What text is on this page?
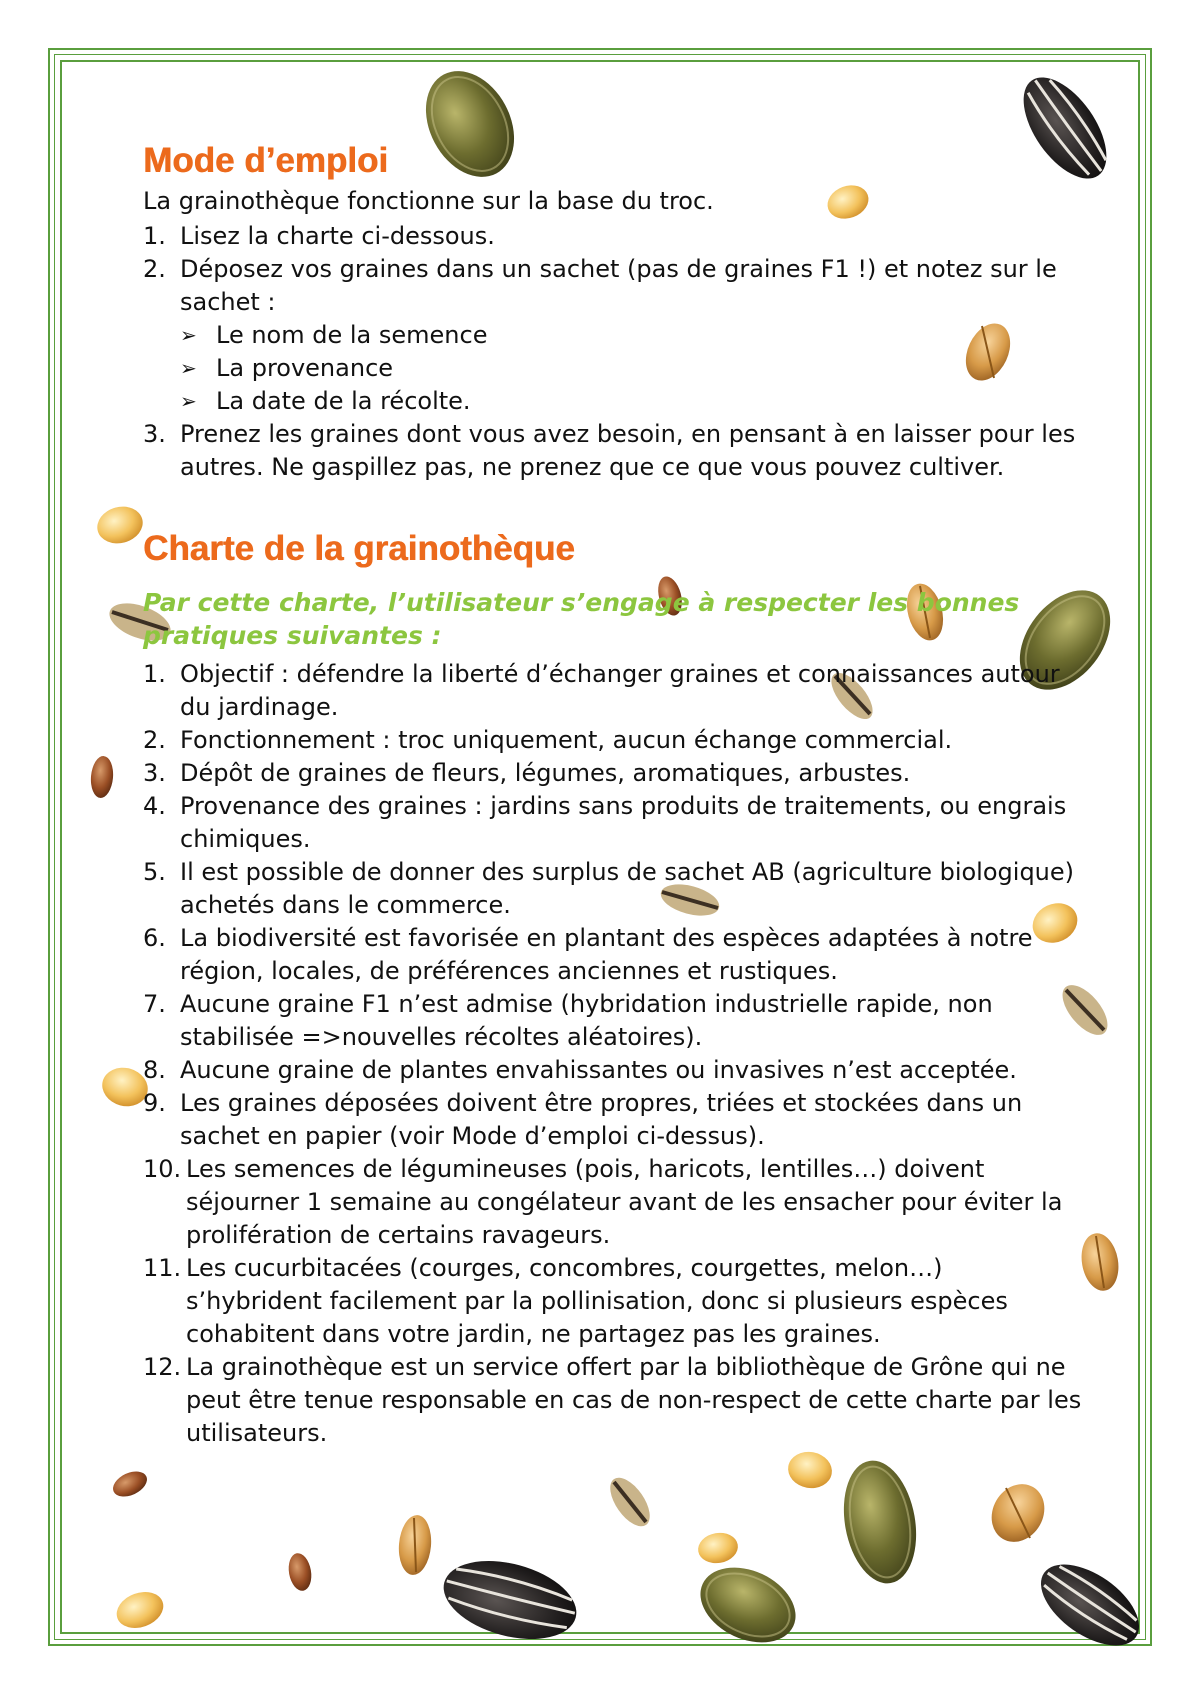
Mode d’emploi

La grainothèque fonctionne sur la base du troc.

1. Lisez la charte ci-dessous.
2. Déposez vos graines dans un sachet (pas de graines F1 !) et notez sur le sachet :
➢ Le nom de la semence
➢ La provenance
➢ La date de la récolte.
3. Prenez les graines dont vous avez besoin, en pensant à en laisser pour les autres. Ne gaspillez pas, ne prenez que ce que vous pouvez cultiver.
Charte de la grainothèque

Par cette charte, l’utilisateur s’engage à respecter les bonnes pratiques suivantes :

1. Objectif : défendre la liberté d’échanger graines et connaissances autour du jardinage.
2. Fonctionnement : troc uniquement, aucun échange commercial.
3. Dépôt de graines de fleurs, légumes, aromatiques, arbustes.
4. Provenance des graines : jardins sans produits de traitements, ou engrais chimiques.
5. Il est possible de donner des surplus de sachet AB (agriculture biologique) achetés dans le commerce.
6. La biodiversité est favorisée en plantant des espèces adaptées à notre région, locales, de préférences anciennes et rustiques.
7. Aucune graine F1 n’est admise (hybridation industrielle rapide, non stabilisée =>nouvelles récoltes aléatoires).
8. Aucune graine de plantes envahissantes ou invasives n’est acceptée.
9. Les graines déposées doivent être propres, triées et stockées dans un sachet en papier (voir Mode d’emploi ci-dessus).
10. Les semences de légumineuses (pois, haricots, lentilles…) doivent séjourner 1 semaine au congélateur avant de les ensacher pour éviter la prolifération de certains ravageurs.
11. Les cucurbitacées (courges, concombres, courgettes, melon…) s’hybrident facilement par la pollinisation, donc si plusieurs espèces cohabitent dans votre jardin, ne partagez pas les graines.
12. La grainothèque est un service offert par la bibliothèque de Grône qui ne peut être tenue responsable en cas de non-respect de cette charte par les utilisateurs.
